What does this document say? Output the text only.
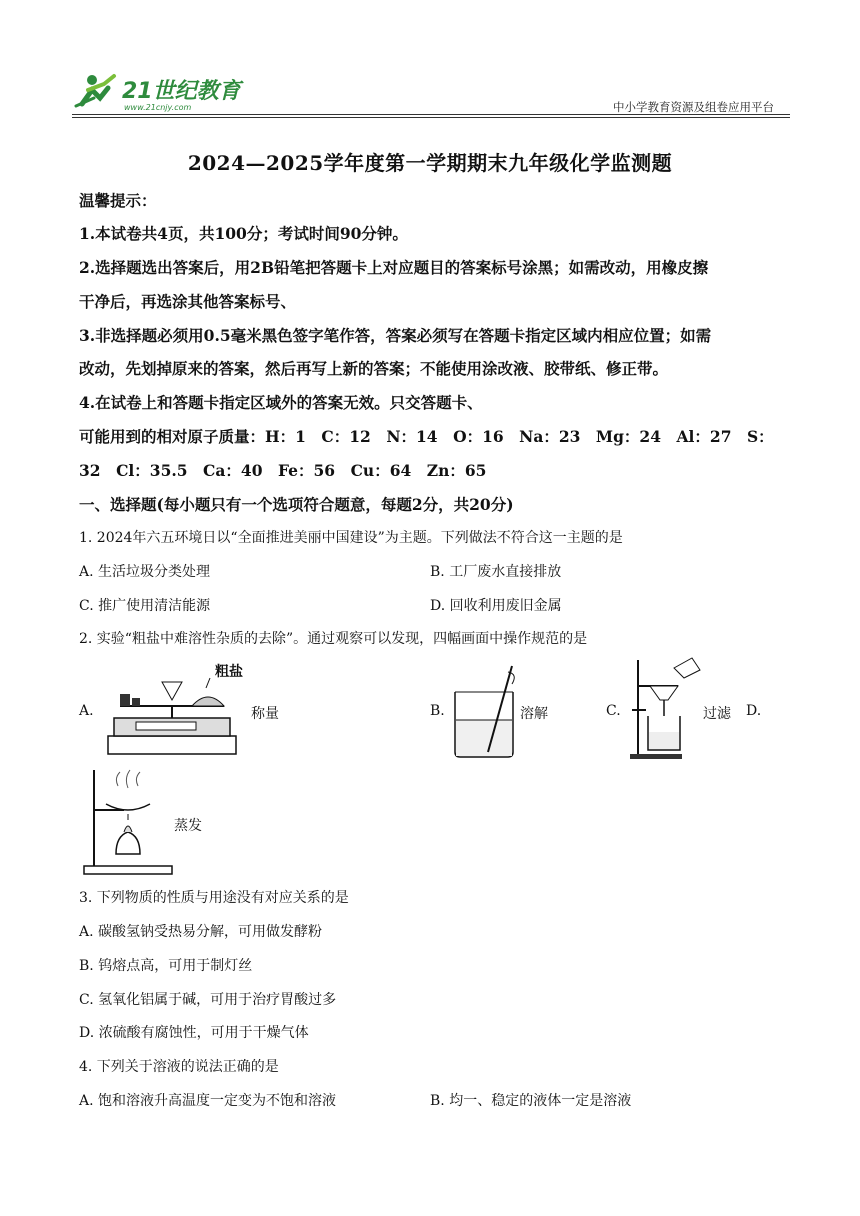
21世纪教育
www.21cnjy.com	中小学教育资源及组卷应用平台
2024—2025学年度第一学期期末九年级化学监测题
温馨提示：
1.本试卷共4页，共100分；考试时间90分钟。
2.选择题选出答案后，用2B铅笔把答题卡上对应题目的答案标号涂黑；如需改动，用橡皮擦
干净后，再选涂其他答案标号、
3.非选择题必须用0.5毫米黑色签字笔作答，答案必须写在答题卡指定区域内相应位置；如需
改动，先划掉原来的答案，然后再写上新的答案；不能使用涂改液、胶带纸、修正带。
4.在试卷上和答题卡指定区域外的答案无效。只交答题卡、
可能用到的相对原子质量：H：1　C：12　N：14　O：16　Na：23　Mg：24　Al：27　S：
32　Cl：35.5　Ca：40　Fe：56　Cu：64　Zn：65
一、选择题(每小题只有一个选项符合题意，每题2分，共20分)
1. 2024年六五环境日以“全面推进美丽中国建设”为主题。下列做法不符合这一主题的是
A. 生活垃圾分类处理	B. 工厂废水直接排放
C. 推广使用清洁能源	D. 回收利用废旧金属
2. 实验“粗盐中难溶性杂质的去除”。通过观察可以发现，四幅画面中操作规范的是
A.
粗盐
称量	B.	溶解	C.	过滤 D.
蒸发
3. 下列物质的性质与用途没有对应关系的是
A. 碳酸氢钠受热易分解，可用做发酵粉
B. 钨熔点高，可用于制灯丝
C. 氢氧化铝属于碱，可用于治疗胃酸过多
D. 浓硫酸有腐蚀性，可用于干燥气体
4. 下列关于溶液的说法正确的是
A. 饱和溶液升高温度一定变为不饱和溶液	B. 均一、稳定的液体一定是溶液
